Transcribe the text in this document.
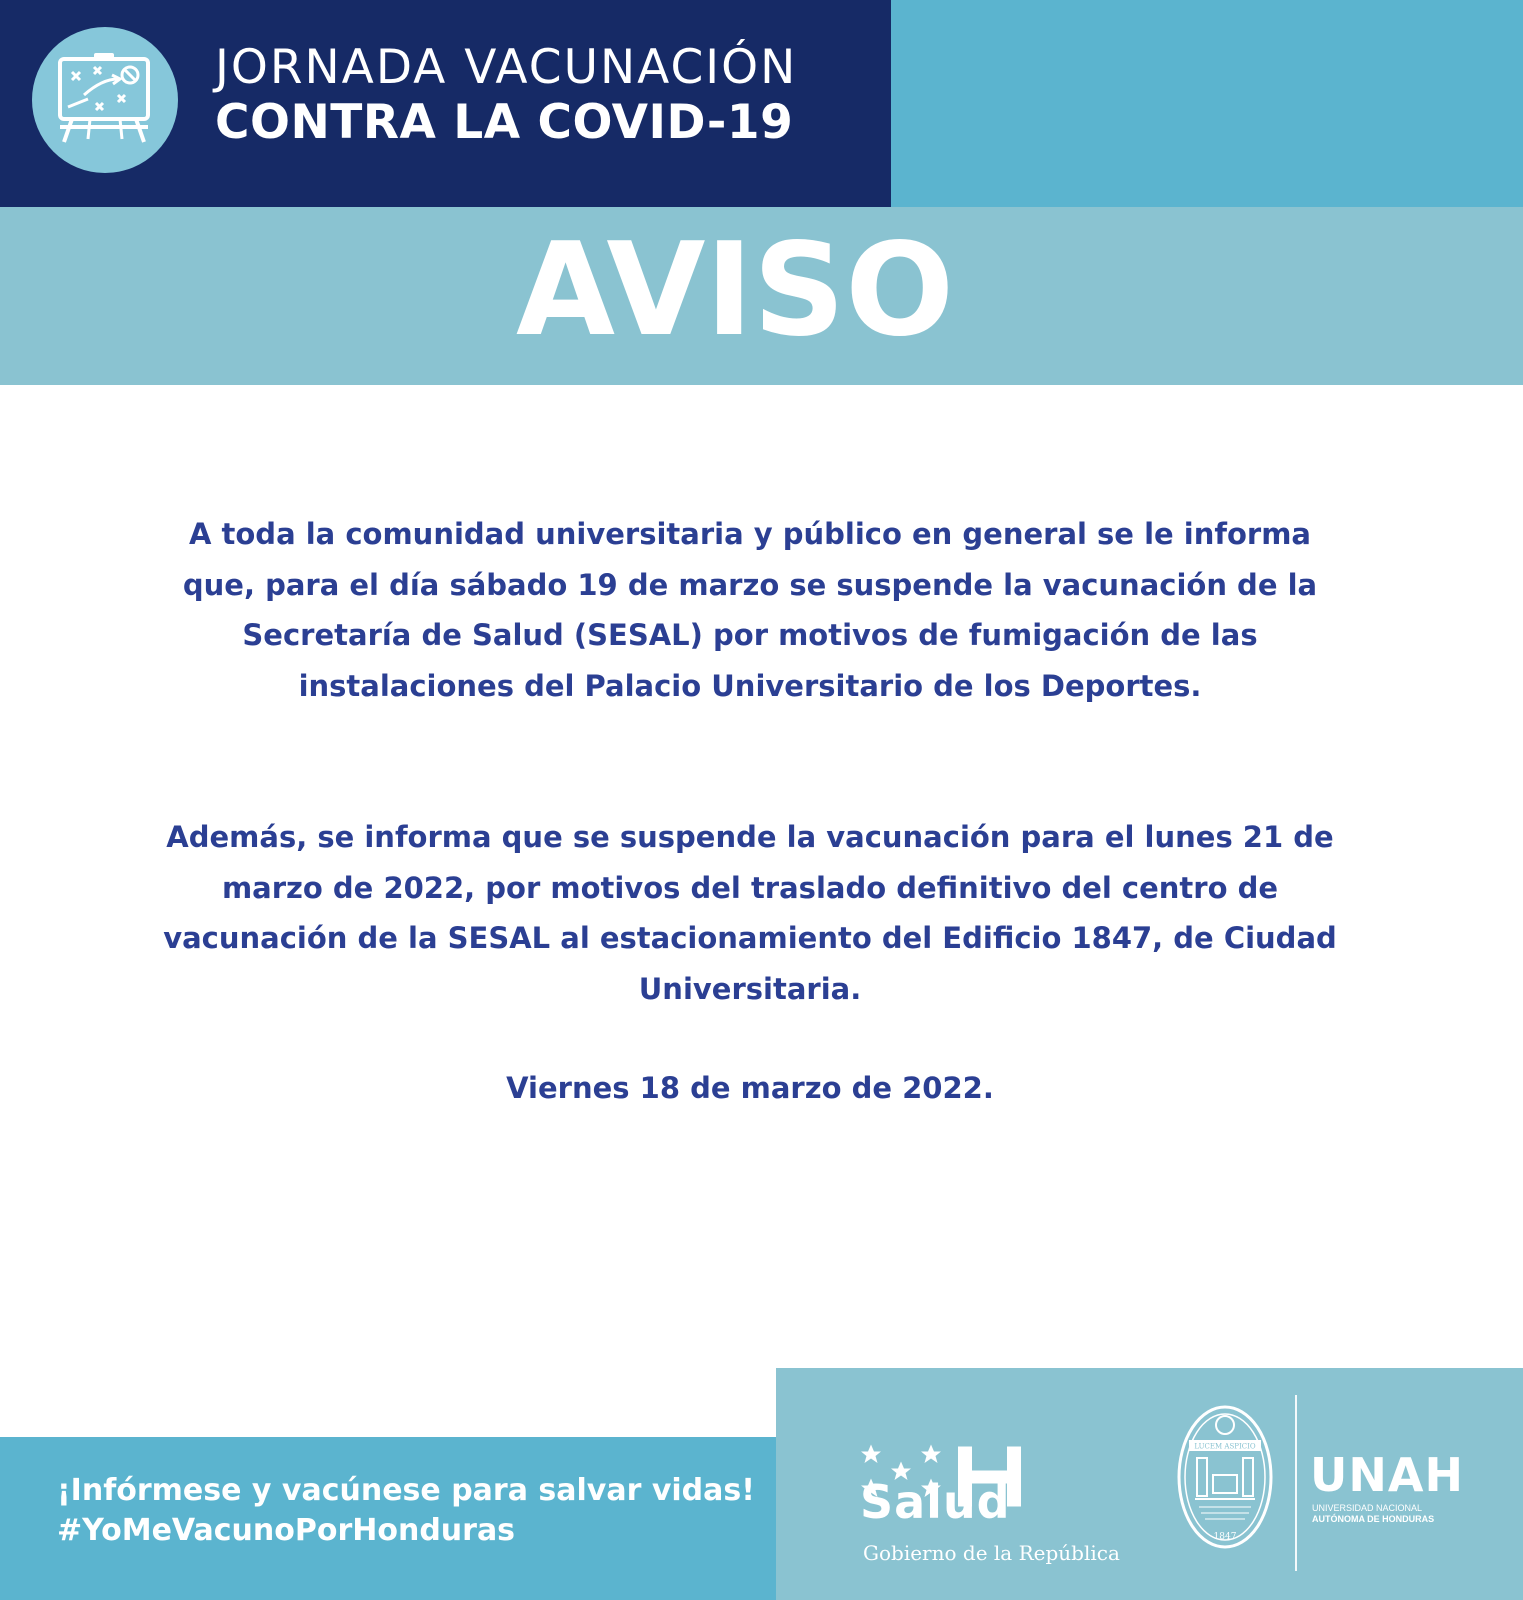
JORNADA VACUNACIÓN
CONTRA LA COVID-19
AVISO

A toda la comunidad universitaria y público en general se le informa que, para el día sábado 19 de marzo se suspende la vacunación de la Secretaría de Salud (SESAL) por motivos de fumigación de las instalaciones del Palacio Universitario de los Deportes.

Además, se informa que se suspende la vacunación para el lunes 21 de marzo de 2022, por motivos del traslado definitivo del centro de vacunación de la SESAL al estacionamiento del Edificio 1847, de Ciudad Universitaria.

Viernes 18 de marzo de 2022.

¡Infórmese y vacúnese para salvar vidas!
#YoMeVacunoPorHonduras
Salud
Gobierno de la República
LUCEM ASPICIO
1847
UNAH
UNIVERSIDAD NACIONAL
AUTÓNOMA DE HONDURAS
